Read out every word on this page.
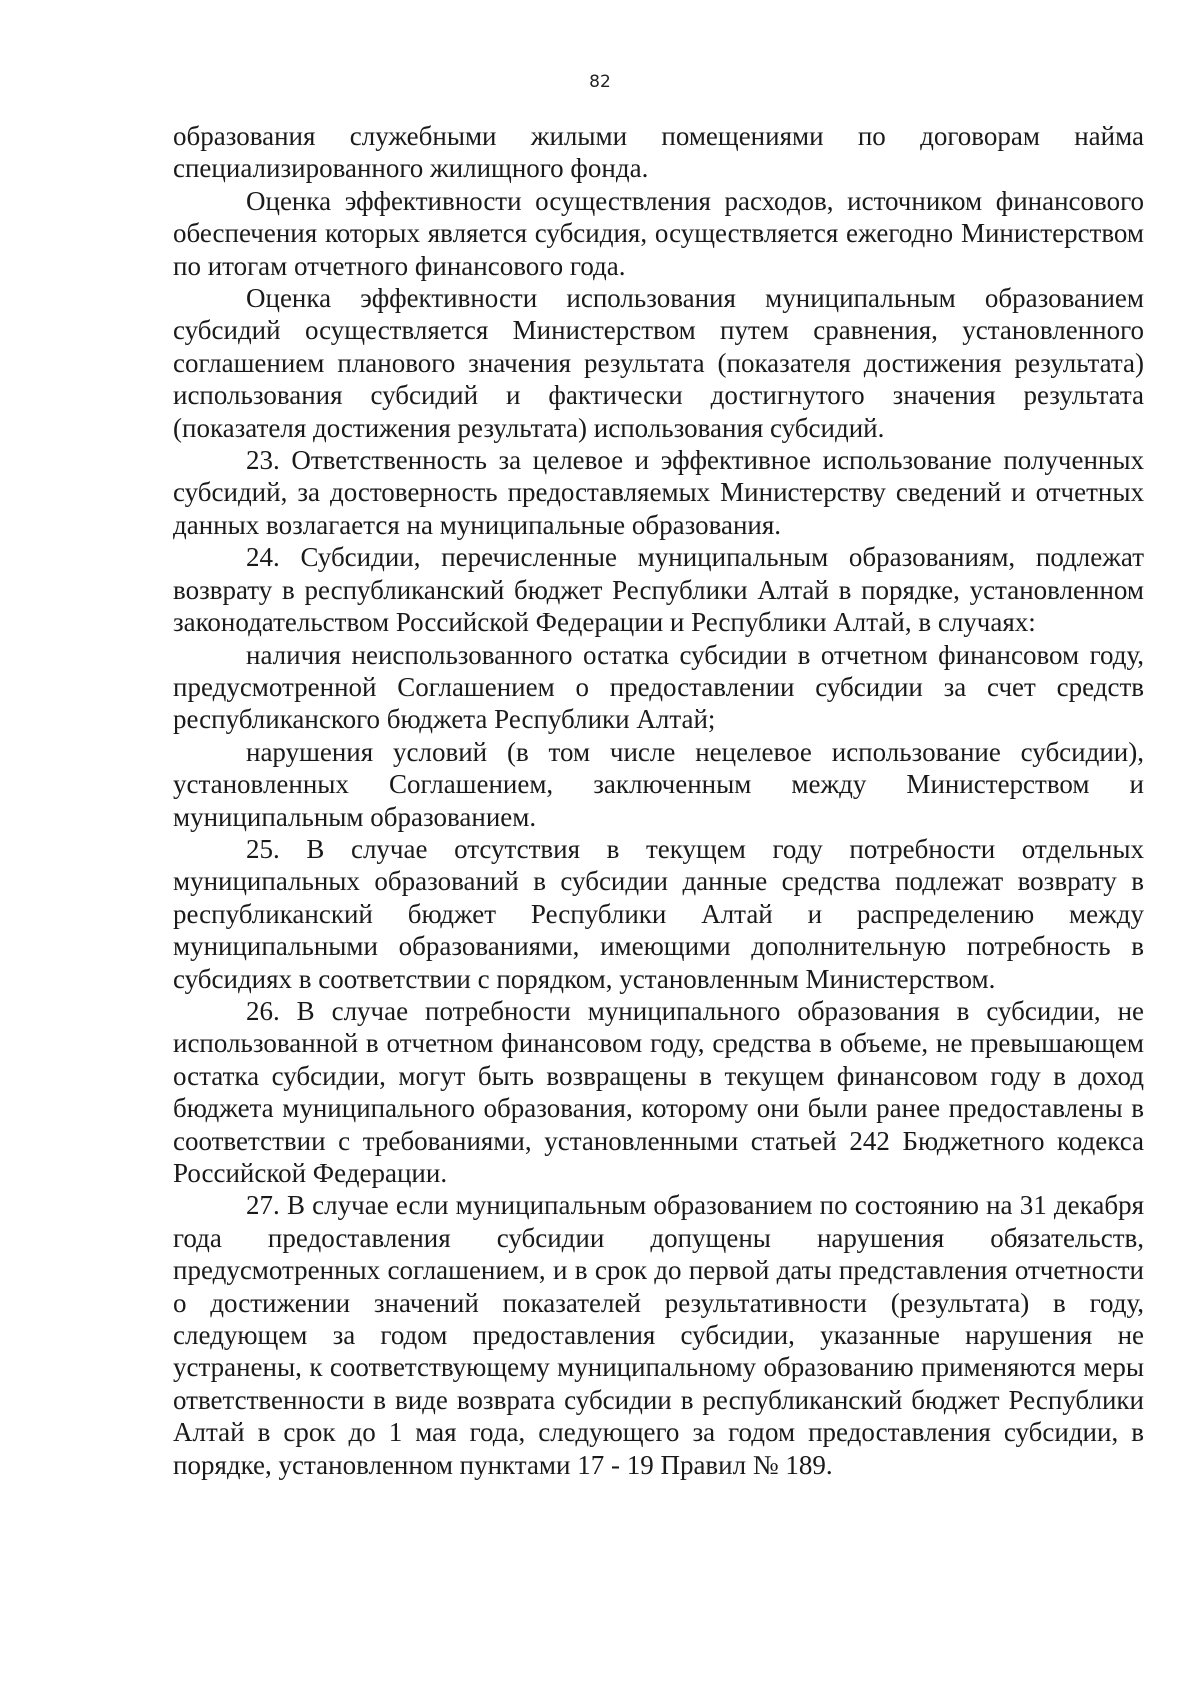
82

образования служебными жилыми помещениями по договорам найма специализированного жилищного фонда.

Оценка эффективности осуществления расходов, источником финансового обеспечения которых является субсидия, осуществляется ежегодно Министерством по итогам отчетного финансового года.

Оценка эффективности использования муниципальным образованием субсидий осуществляется Министерством путем сравнения, установленного соглашением планового значения результата (показателя достижения результата) использования субсидий и фактически достигнутого значения результата (показателя достижения результата) использования субсидий.

23. Ответственность за целевое и эффективное использование полученных субсидий, за достоверность предоставляемых Министерству сведений и отчетных данных возлагается на муниципальные образования.

24. Субсидии, перечисленные муниципальным образованиям, подлежат возврату в республиканский бюджет Республики Алтай в порядке, установленном законодательством Российской Федерации и Республики Алтай, в случаях:

наличия неиспользованного остатка субсидии в отчетном финансовом году, предусмотренной Соглашением о предоставлении субсидии за счет средств республиканского бюджета Республики Алтай;

нарушения условий (в том числе нецелевое использование субсидии), установленных Соглашением, заключенным между Министерством и муниципальным образованием.

25. В случае отсутствия в текущем году потребности отдельных муниципальных образований в субсидии данные средства подлежат возврату в республиканский бюджет Республики Алтай и распределению между муниципальными образованиями, имеющими дополнительную потребность в субсидиях в соответствии с порядком, установленным Министерством.

26. В случае потребности муниципального образования в субсидии, не использованной в отчетном финансовом году, средства в объеме, не превышающем остатка субсидии, могут быть возвращены в текущем финансовом году в доход бюджета муниципального образования, которому они были ранее предоставлены в соответствии с требованиями, установленными статьей 242 Бюджетного кодекса Российской Федерации.

27. В случае если муниципальным образованием по состоянию на 31 декабря года предоставления субсидии допущены нарушения обязательств, предусмотренных соглашением, и в срок до первой даты представления отчетности о достижении значений показателей результативности (результата) в году, следующем за годом предоставления субсидии, указанные нарушения не устранены, к соответствующему муниципальному образованию применяются меры ответственности в виде возврата субсидии в республиканский бюджет Республики Алтай в срок до 1 мая года, следующего за годом предоставления субсидии, в порядке, установленном пунктами 17 - 19 Правил № 189.
